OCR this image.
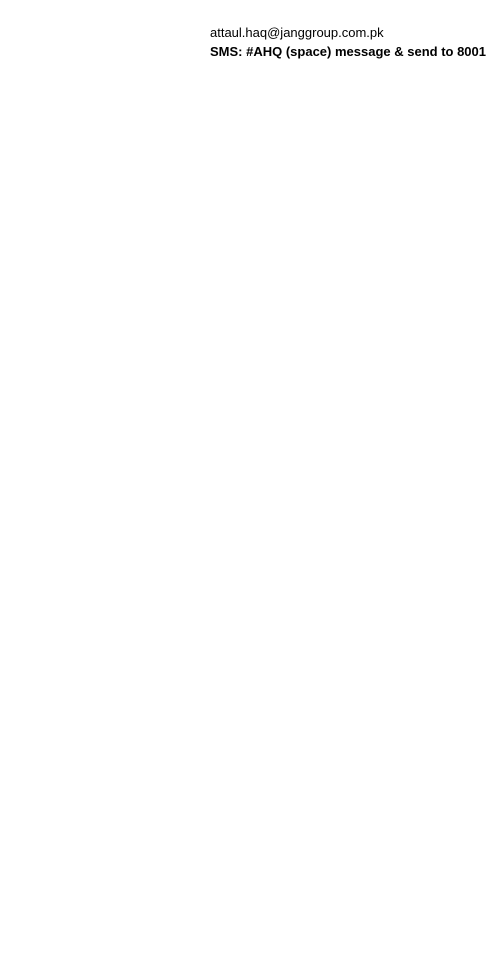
attaul.haq@janggroup.com.pk
SMS: #AHQ (space) message & send to 8001
